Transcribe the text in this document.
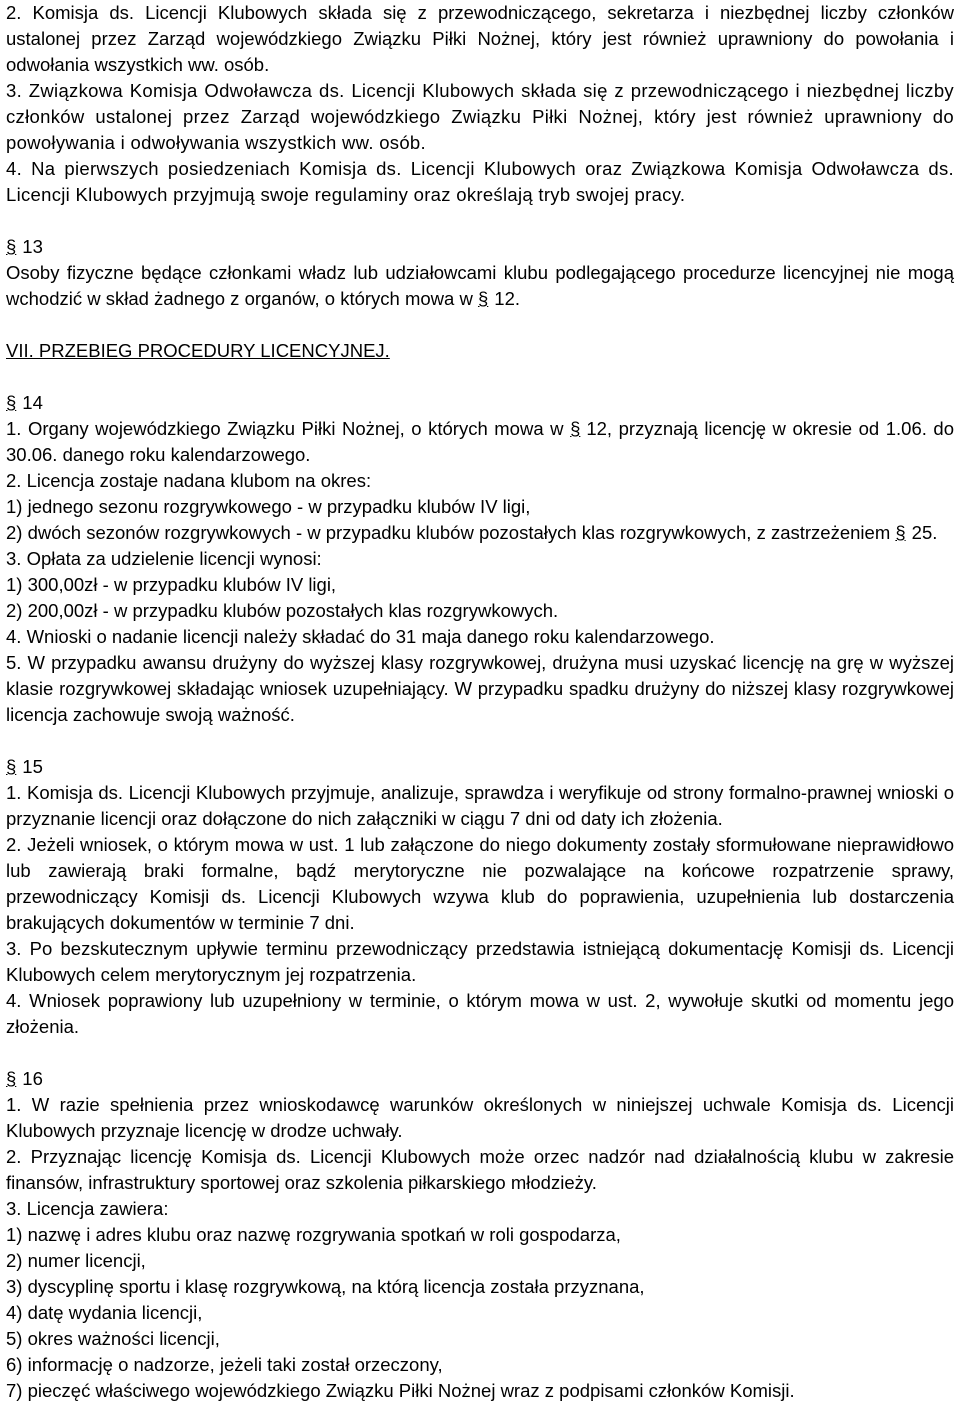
2. Komisja ds. Licencji Klubowych składa się z przewodniczącego, sekretarza i niezbędnej liczby członków ustalonej przez Zarząd wojewódzkiego Związku Piłki Nożnej, który jest również uprawniony do powołania i odwołania wszystkich ww. osób.

3. Związkowa Komisja Odwoławcza ds. Licencji Klubowych składa się z przewodniczącego i niezbędnej liczby członków ustalonej przez Zarząd wojewódzkiego Związku Piłki Nożnej, który jest również uprawniony do powoływania i odwoływania wszystkich ww. osób.

4. Na pierwszych posiedzeniach Komisja ds. Licencji Klubowych oraz Związkowa Komisja Odwoławcza ds. Licencji Klubowych przyjmują swoje regulaminy oraz określają tryb swojej pracy.

§ 13

Osoby fizyczne będące członkami władz lub udziałowcami klubu podlegającego procedurze licencyjnej nie mogą wchodzić w skład żadnego z organów, o których mowa w § 12.

VII. PRZEBIEG PROCEDURY LICENCYJNEJ.

§ 14

1. Organy wojewódzkiego Związku Piłki Nożnej, o których mowa w § 12, przyznają licencję w okresie od 1.06. do 30.06. danego roku kalendarzowego.

2. Licencja zostaje nadana klubom na okres:

1) jednego sezonu rozgrywkowego - w przypadku klubów IV ligi,

2) dwóch sezonów rozgrywkowych - w przypadku klubów pozostałych klas rozgrywkowych, z zastrzeżeniem § 25.

3. Opłata za udzielenie licencji wynosi:

1) 300,00zł - w przypadku klubów IV ligi,

2) 200,00zł - w przypadku klubów pozostałych klas rozgrywkowych.

4. Wnioski o nadanie licencji należy składać do 31 maja danego roku kalendarzowego.

5. W przypadku awansu drużyny do wyższej klasy rozgrywkowej, drużyna musi uzyskać licencję na grę w wyższej klasie rozgrywkowej składając wniosek uzupełniający. W przypadku spadku drużyny do niższej klasy rozgrywkowej licencja zachowuje swoją ważność.

§ 15

1. Komisja ds. Licencji Klubowych przyjmuje, analizuje, sprawdza i weryfikuje od strony formalno-prawnej wnioski o przyznanie licencji oraz dołączone do nich załączniki w ciągu 7 dni od daty ich złożenia.

2. Jeżeli wniosek, o którym mowa w ust. 1 lub załączone do niego dokumenty zostały sformułowane nieprawidłowo lub zawierają braki formalne, bądź merytoryczne nie pozwalające na końcowe rozpatrzenie sprawy, przewodniczący Komisji ds. Licencji Klubowych wzywa klub do poprawienia, uzupełnienia lub dostarczenia brakujących dokumentów w terminie 7 dni.

3. Po bezskutecznym upływie terminu przewodniczący przedstawia istniejącą dokumentację Komisji ds. Licencji Klubowych celem merytorycznym jej rozpatrzenia.

4. Wniosek poprawiony lub uzupełniony w terminie, o którym mowa w ust. 2, wywołuje skutki od momentu jego złożenia.

§ 16

1. W razie spełnienia przez wnioskodawcę warunków określonych w niniejszej uchwale Komisja ds. Licencji Klubowych przyznaje licencję w drodze uchwały.

2. Przyznając licencję Komisja ds. Licencji Klubowych może orzec nadzór nad działalnością klubu w zakresie finansów, infrastruktury sportowej oraz szkolenia piłkarskiego młodzieży.

3. Licencja zawiera:

1) nazwę i adres klubu oraz nazwę rozgrywania spotkań w roli gospodarza,

2) numer licencji,

3) dyscyplinę sportu i klasę rozgrywkową, na którą licencja została przyznana,

4) datę wydania licencji,

5) okres ważności licencji,

6) informację o nadzorze, jeżeli taki został orzeczony,

7) pieczęć właściwego wojewódzkiego Związku Piłki Nożnej wraz z podpisami członków Komisji.
